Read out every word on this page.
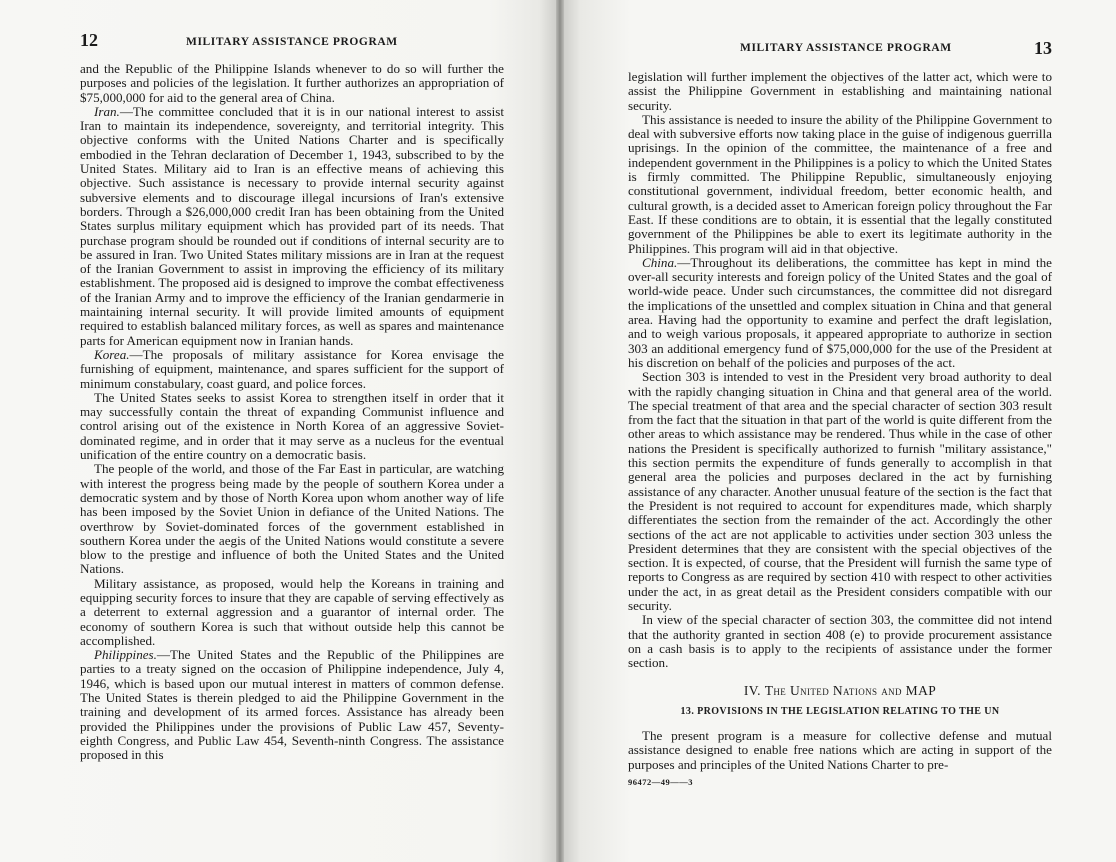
12	MILITARY ASSISTANCE PROGRAM

and the Republic of the Philippine Islands whenever to do so will further the purposes and policies of the legislation. It further authorizes an appropriation of $75,000,000 for aid to the general area of China.

Iran.—The committee concluded that it is in our national interest to assist Iran to maintain its independence, sovereignty, and territorial integrity. This objective conforms with the United Nations Charter and is specifically embodied in the Tehran declaration of December 1, 1943, subscribed to by the United States. Military aid to Iran is an effective means of achieving this objective. Such assistance is necessary to provide internal security against subversive elements and to discourage illegal incursions of Iran's extensive borders. Through a $26,000,000 credit Iran has been obtaining from the United States surplus military equipment which has provided part of its needs. That purchase program should be rounded out if conditions of internal security are to be assured in Iran. Two United States military missions are in Iran at the request of the Iranian Government to assist in improving the efficiency of its military establishment. The proposed aid is designed to improve the combat effectiveness of the Iranian Army and to improve the efficiency of the Iranian gendarmerie in maintaining internal security. It will provide limited amounts of equipment required to establish balanced military forces, as well as spares and maintenance parts for American equipment now in Iranian hands.

Korea.—The proposals of military assistance for Korea envisage the furnishing of equipment, maintenance, and spares sufficient for the support of minimum constabulary, coast guard, and police forces.

The United States seeks to assist Korea to strengthen itself in order that it may successfully contain the threat of expanding Communist influence and control arising out of the existence in North Korea of an aggressive Soviet-dominated regime, and in order that it may serve as a nucleus for the eventual unification of the entire country on a democratic basis.

The people of the world, and those of the Far East in particular, are watching with interest the progress being made by the people of southern Korea under a democratic system and by those of North Korea upon whom another way of life has been imposed by the Soviet Union in defiance of the United Nations. The overthrow by Soviet-dominated forces of the government established in southern Korea under the aegis of the United Nations would constitute a severe blow to the prestige and influence of both the United States and the United Nations.

Military assistance, as proposed, would help the Koreans in training and equipping security forces to insure that they are capable of serving effectively as a deterrent to external aggression and a guarantor of internal order. The economy of southern Korea is such that without outside help this cannot be accomplished.

Philippines.—The United States and the Republic of the Philippines are parties to a treaty signed on the occasion of Philippine independence, July 4, 1946, which is based upon our mutual interest in matters of common defense. The United States is therein pledged to aid the Philippine Government in the training and development of its armed forces. Assistance has already been provided the Philippines under the provisions of Public Law 457, Seventy-eighth Congress, and Public Law 454, Seventh-ninth Congress. The assistance proposed in this

MILITARY ASSISTANCE PROGRAM	13

legislation will further implement the objectives of the latter act, which were to assist the Philippine Government in establishing and maintaining national security.

This assistance is needed to insure the ability of the Philippine Government to deal with subversive efforts now taking place in the guise of indigenous guerrilla uprisings. In the opinion of the committee, the maintenance of a free and independent government in the Philippines is a policy to which the United States is firmly committed. The Philippine Republic, simultaneously enjoying constitutional government, individual freedom, better economic health, and cultural growth, is a decided asset to American foreign policy throughout the Far East. If these conditions are to obtain, it is essential that the legally constituted government of the Philippines be able to exert its legitimate authority in the Philippines. This program will aid in that objective.

China.—Throughout its deliberations, the committee has kept in mind the over-all security interests and foreign policy of the United States and the goal of world-wide peace. Under such circumstances, the committee did not disregard the implications of the unsettled and complex situation in China and that general area. Having had the opportunity to examine and perfect the draft legislation, and to weigh various proposals, it appeared appropriate to authorize in section 303 an additional emergency fund of $75,000,000 for the use of the President at his discretion on behalf of the policies and purposes of the act.

Section 303 is intended to vest in the President very broad authority to deal with the rapidly changing situation in China and that general area of the world. The special treatment of that area and the special character of section 303 result from the fact that the situation in that part of the world is quite different from the other areas to which assistance may be rendered. Thus while in the case of other nations the President is specifically authorized to furnish "military assistance," this section permits the expenditure of funds generally to accomplish in that general area the policies and purposes declared in the act by furnishing assistance of any character. Another unusual feature of the section is the fact that the President is not required to account for expenditures made, which sharply differentiates the section from the remainder of the act. Accordingly the other sections of the act are not applicable to activities under section 303 unless the President determines that they are consistent with the special objectives of the section. It is expected, of course, that the President will furnish the same type of reports to Congress as are required by section 410 with respect to other activities under the act, in as great detail as the President considers compatible with our security.

In view of the special character of section 303, the committee did not intend that the authority granted in section 408 (e) to provide procurement assistance on a cash basis is to apply to the recipients of assistance under the former section.

IV. The United Nations and MAP
13. PROVISIONS IN THE LEGISLATION RELATING TO THE UN

The present program is a measure for collective defense and mutual assistance designed to enable free nations which are acting in support of the purposes and principles of the United Nations Charter to pre-

96472—49——3
